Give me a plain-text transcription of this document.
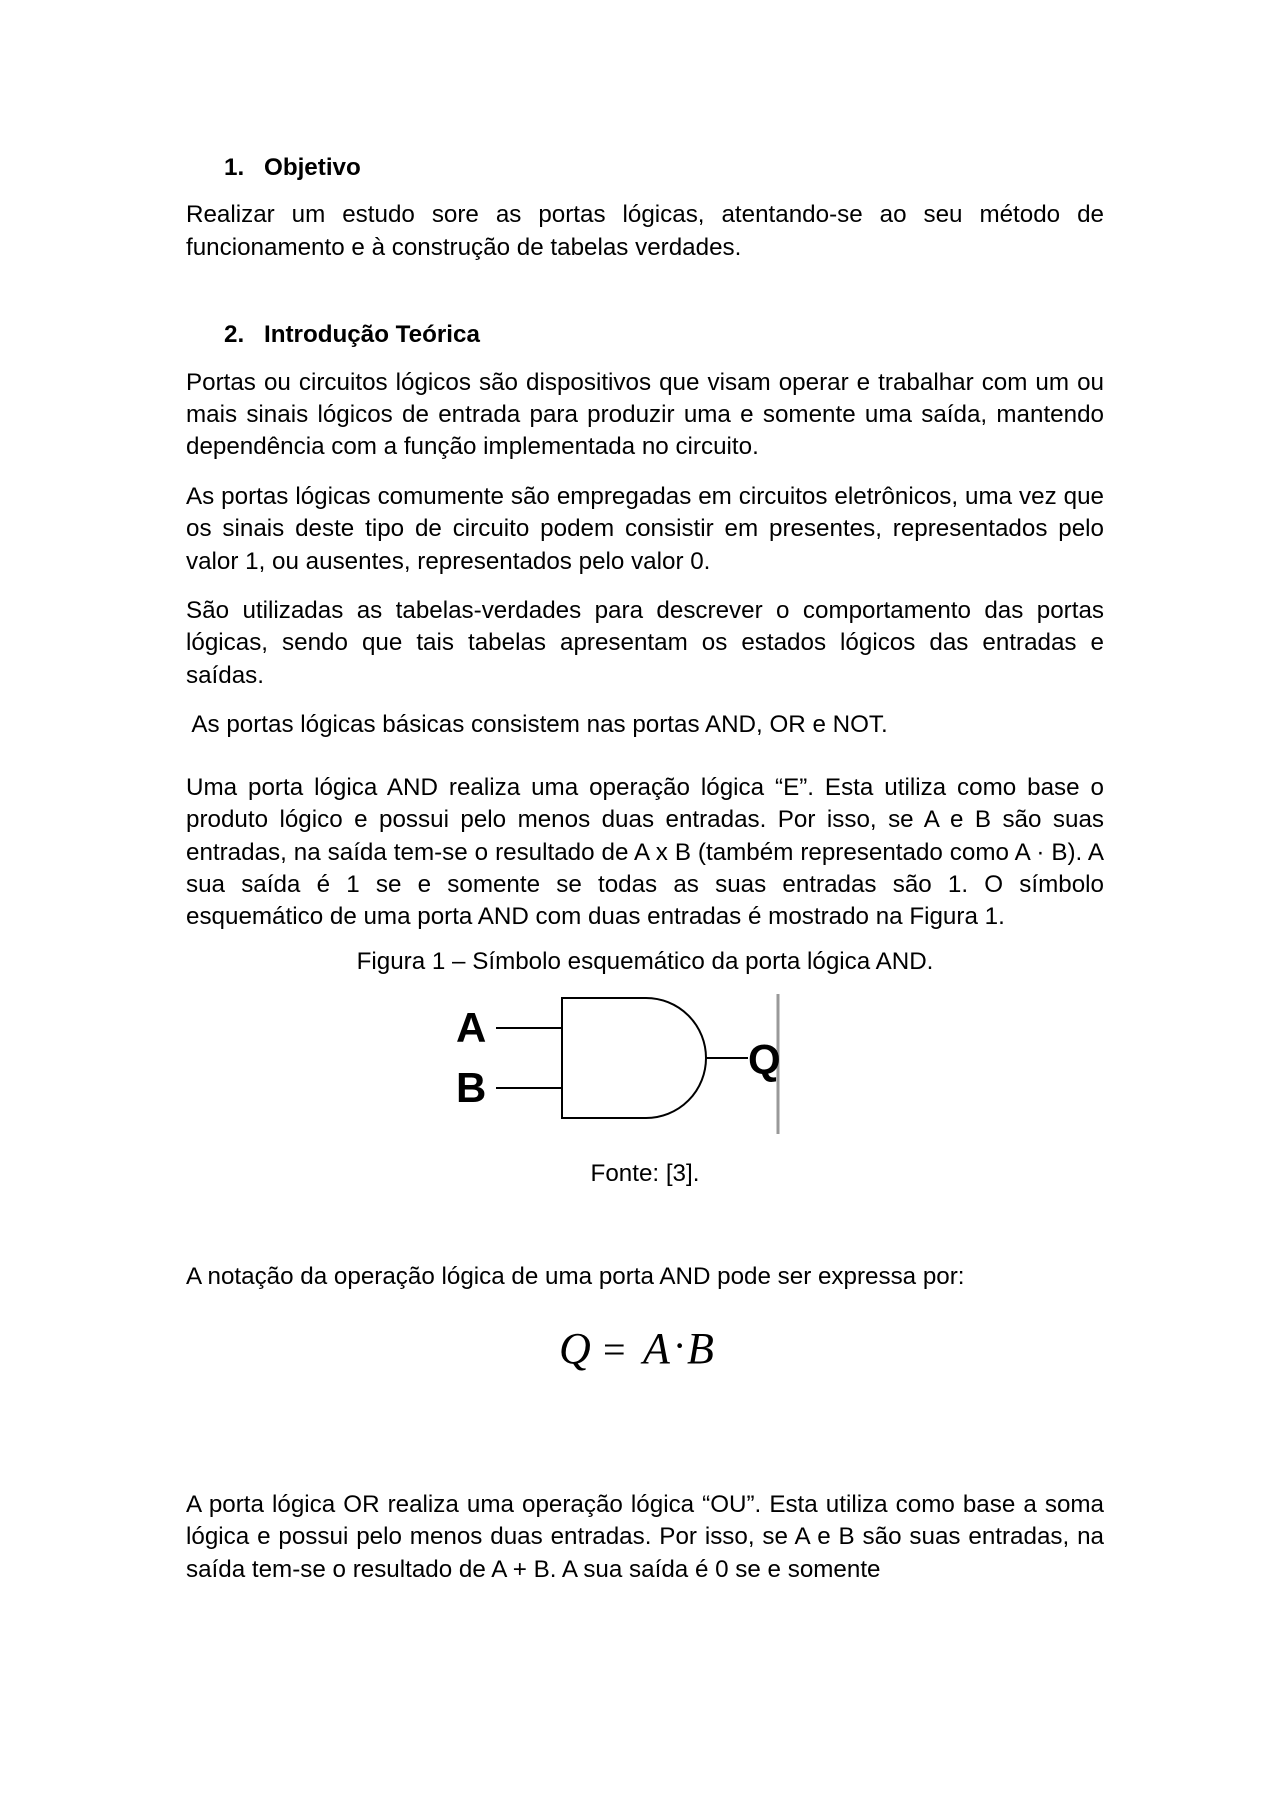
1. Objetivo

Realizar um estudo sore as portas lógicas, atentando-se ao seu método de funcionamento e à construção de tabelas verdades.

2. Introdução Teórica

Portas ou circuitos lógicos são dispositivos que visam operar e trabalhar com um ou mais sinais lógicos de entrada para produzir uma e somente uma saída, mantendo dependência com a função implementada no circuito.

As portas lógicas comumente são empregadas em circuitos eletrônicos, uma vez que os sinais deste tipo de circuito podem consistir em presentes, representados pelo valor 1, ou ausentes, representados pelo valor 0.

São utilizadas as tabelas-verdades para descrever o comportamento das portas lógicas, sendo que tais tabelas apresentam os estados lógicos das entradas e saídas.

As portas lógicas básicas consistem nas portas AND, OR e NOT.

Uma porta lógica AND realiza uma operação lógica “E”. Esta utiliza como base o produto lógico e possui pelo menos duas entradas. Por isso, se A e B são suas entradas, na saída tem-se o resultado de A x B (também representado como A · B). A sua saída é 1 se e somente se todas as suas entradas são 1. O símbolo esquemático de uma porta AND com duas entradas é mostrado na Figura 1.

Figura 1 – Símbolo esquemático da porta lógica AND.
A
B
Q
Fonte: [3].

A notação da operação lógica de uma porta AND pode ser expressa por:

Q = A · B

A porta lógica OR realiza uma operação lógica “OU”. Esta utiliza como base a soma lógica e possui pelo menos duas entradas. Por isso, se A e B são suas entradas, na saída tem-se o resultado de A + B. A sua saída é 0 se e somente
